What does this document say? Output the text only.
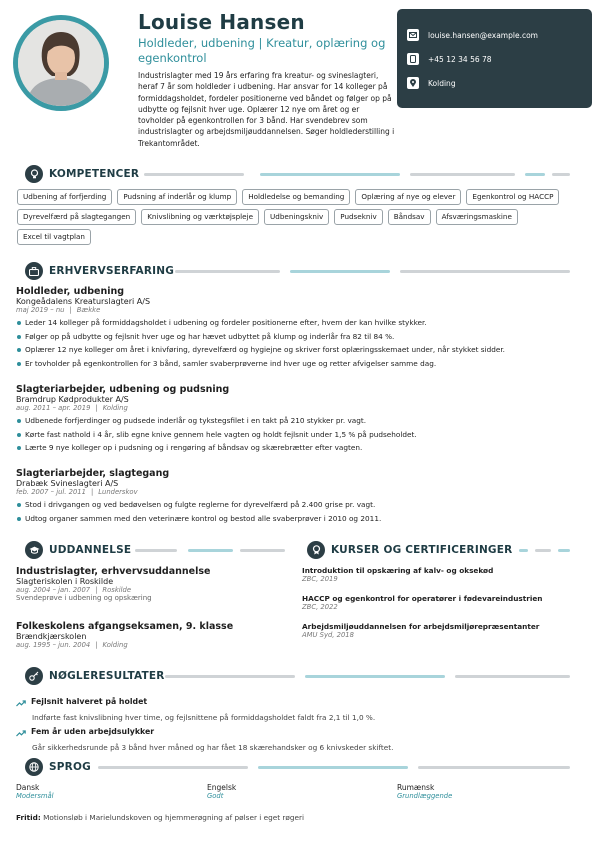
Louise Hansen
Holdleder, udbening | Kreatur, oplæring og egenkontrol
Industrislagter med 19 års erfaring fra kreatur- og svineslagteri, heraf 7 år som holdleder i udbening. Har ansvar for 14 kolleger på formiddagsholdet, fordeler positionerne ved båndet og følger op på udbytte og fejlsnit hver uge. Oplærer 12 nye om året og er tovholder på egenkontrollen for 3 bånd. Har svendebrev som industrislagter og arbejdsmiljøuddannelsen. Søger holdlederstilling i Trekantområdet.
louise.hansen@example.com
+45 12 34 56 78
Kolding
KOMPETENCER
Udbening af forfjerding	Pudsning af inderlår og klump	Holdledelse og bemanding	Oplæring af nye og elever	Egenkontrol og HACCP
Dyrevelfærd på slagtegangen	Knivslibning og værktøjspleje	Udbeningskniv	Pudsekniv	Båndsav	Afsværingsmaskine
Excel til vagtplan
ERHVERVSERFARING
Holdleder, udbening
Kongeådalens Kreaturslagteri A/S
maj 2019 – nu | Bække
Leder 14 kolleger på formiddagsholdet i udbening og fordeler positionerne efter, hvem der kan hvilke stykker.
Følger op på udbytte og fejlsnit hver uge og har hævet udbyttet på klump og inderlår fra 82 til 84 %.
Oplærer 12 nye kolleger om året i knivføring, dyrevelfærd og hygiejne og skriver forst oplæringsskemaet under, når stykket sidder.
Er tovholder på egenkontrollen for 3 bånd, samler svaberprøverne ind hver uge og retter afvigelser samme dag.
Slagteriarbejder, udbening og pudsning
Bramdrup Kødprodukter A/S
aug. 2011 – apr. 2019 | Kolding
Udbenede forfjerdinger og pudsede inderlår og tykstegsfilet i en takt på 210 stykker pr. vagt.
Kørte fast nathold i 4 år, slib egne knive gennem hele vagten og holdt fejlsnit under 1,5 % på pudseholdet.
Lærte 9 nye kolleger op i pudsning og i rengøring af båndsav og skærebrætter efter vagten.
Slagteriarbejder, slagtegang
Drabæk Svineslagteri A/S
feb. 2007 – jul. 2011 | Lunderskov
Stod i drivgangen og ved bedøvelsen og fulgte reglerne for dyrevelfærd på 2.400 grise pr. vagt.
Udtog organer sammen med den veterinære kontrol og bestod alle svaberprøver i 2010 og 2011.
UDDANNELSE
Industrislagter, erhvervsuddannelse
Slagteriskolen i Roskilde
aug. 2004 – jan. 2007 | Roskilde
Svendeprøve i udbening og opskæring
Folkeskolens afgangseksamen, 9. klasse
Brændkjærskolen
aug. 1995 – jun. 2004 | Kolding
KURSER OG CERTIFICERINGER
Introduktion til opskæring af kalv- og oksekød
ZBC, 2019
HACCP og egenkontrol for operatører i fødevareindustrien
ZBC, 2022
Arbejdsmiljøuddannelsen for arbejdsmiljørepræsentanter
AMU Syd, 2018
NØGLERESULTATER
Fejlsnit halveret på holdet
Indførte fast knivslibning hver time, og fejlsnittene på formiddagsholdet faldt fra 2,1 til 1,0 %.
Fem år uden arbejdsulykker
Går sikkerhedsrunde på 3 bånd hver måned og har fået 18 skærehandsker og 6 knivskeder skiftet.
SPROG
Dansk
Modersmål
Engelsk
Godt
Rumænsk
Grundlæggende
Fritid: Motionsløb i Marielundskoven og hjemmerøgning af pølser i eget røgeri
